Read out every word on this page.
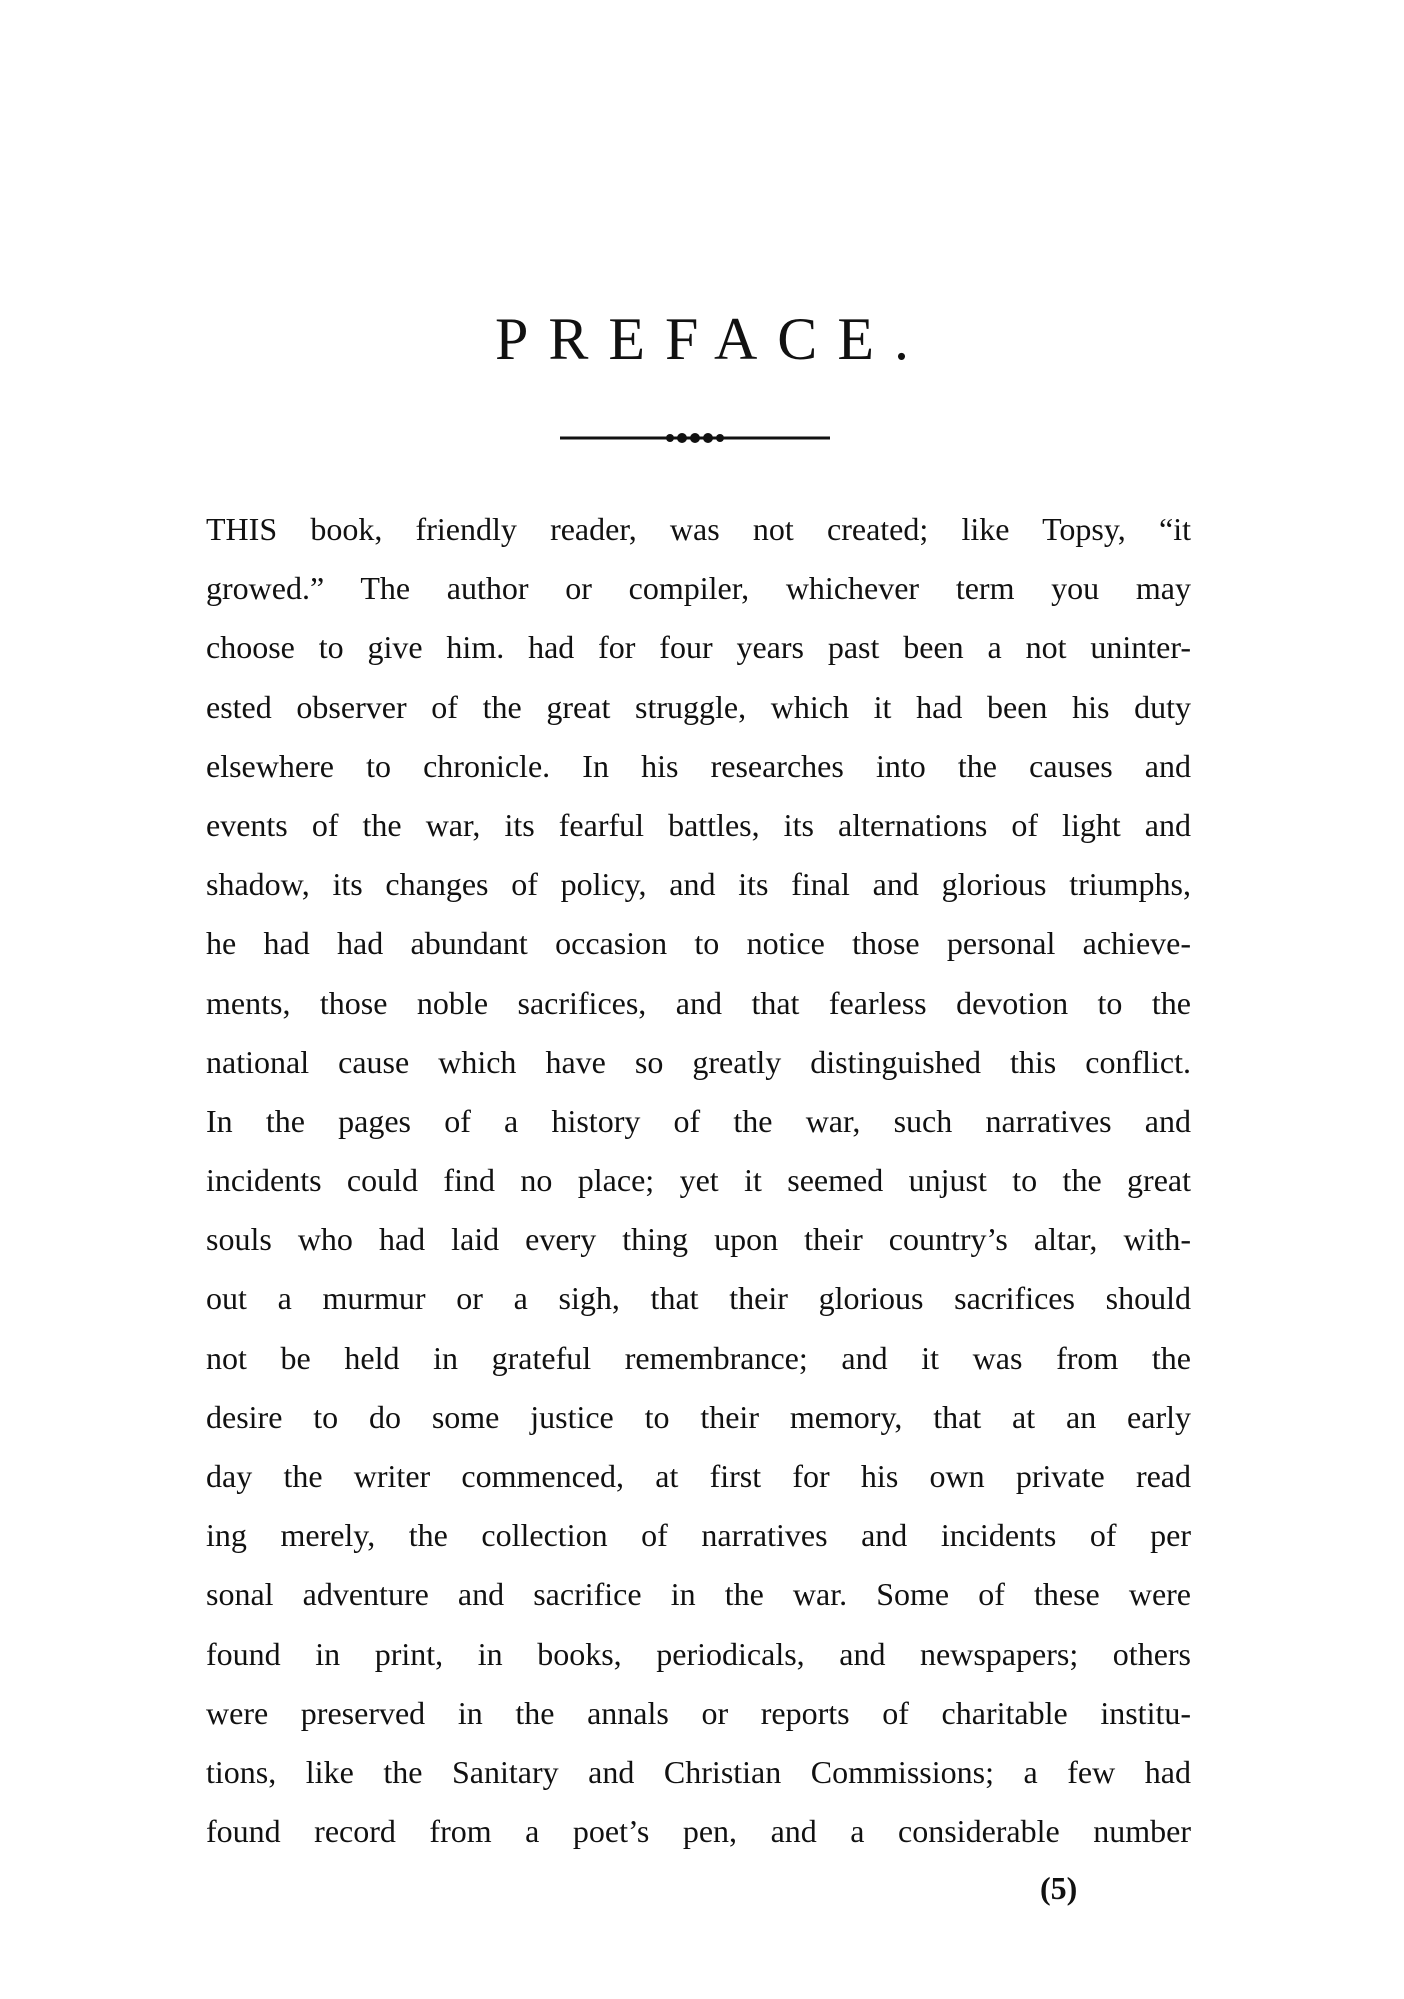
PREFACE.
THIS book, friendly reader, was not created; like Topsy, “it
growed.” The author or compiler, whichever term you may
choose to give him. had for four years past been a not uninter-
ested observer of the great struggle, which it had been his duty
elsewhere to chronicle. In his researches into the causes and
events of the war, its fearful battles, its alternations of light and
shadow, its changes of policy, and its final and glorious triumphs,
he had had abundant occasion to notice those personal achieve-
ments, those noble sacrifices, and that fearless devotion to the
national cause which have so greatly distinguished this conflict.
In the pages of a history of the war, such narratives and
incidents could find no place; yet it seemed unjust to the great
souls who had laid every thing upon their country’s altar, with-
out a murmur or a sigh, that their glorious sacrifices should
not be held in grateful remembrance; and it was from the
desire to do some justice to their memory, that at an early
day the writer commenced, at first for his own private read
ing merely, the collection of narratives and incidents of per
sonal adventure and sacrifice in the war. Some of these were
found in print, in books, periodicals, and newspapers; others
were preserved in the annals or reports of charitable institu-
tions, like the Sanitary and Christian Commissions; a few had
found record from a poet’s pen, and a considerable number
(5)
